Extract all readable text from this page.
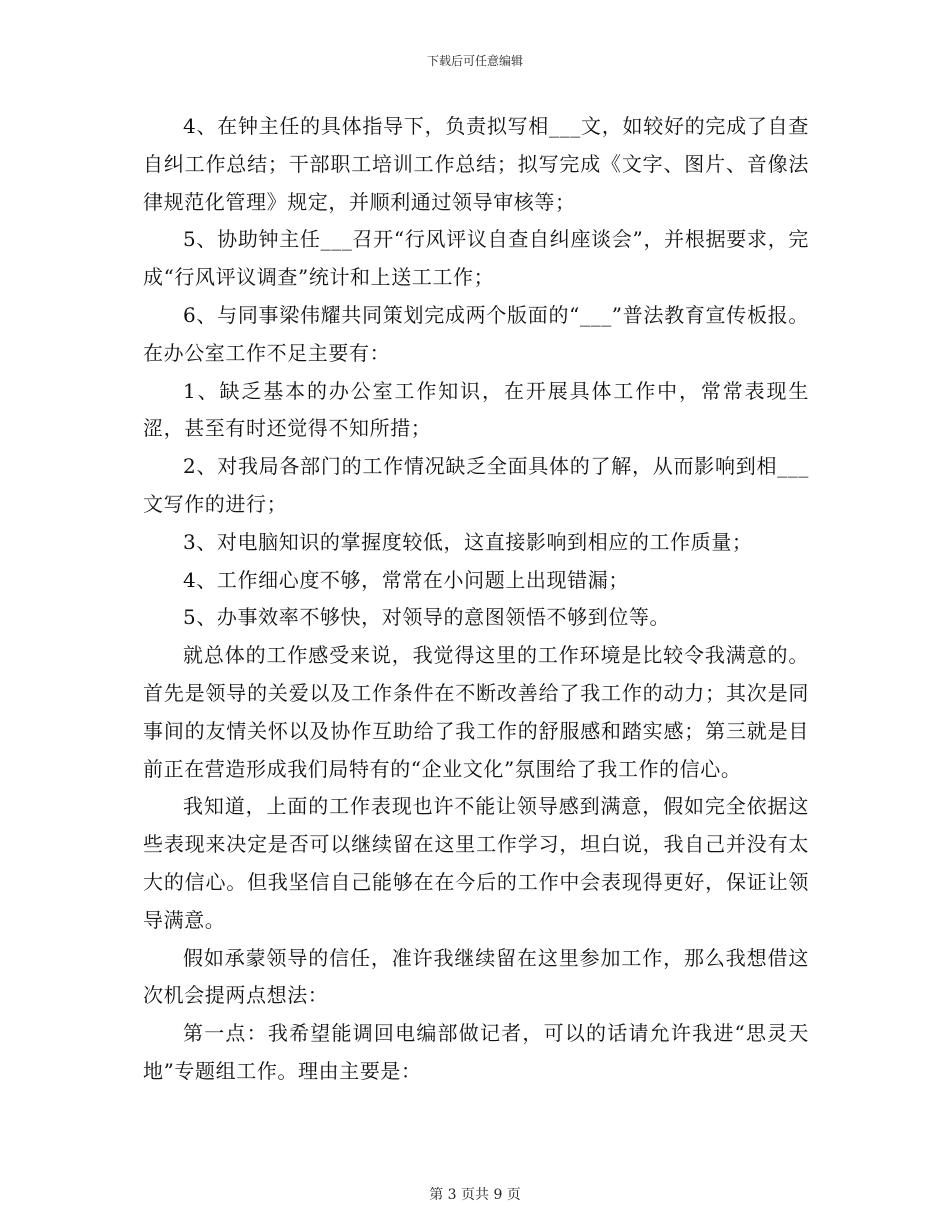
下载后可任意编辑

4、在钟主任的具体指导下，负责拟写相___文，如较好的完成了自查自纠工作总结；干部职工培训工作总结；拟写完成《文字、图片、音像法律规范化管理》规定，并顺利通过领导审核等；

5、协助钟主任___召开“行风评议自查自纠座谈会”，并根据要求，完成“行风评议调查”统计和上送工工作；

6、与同事梁伟耀共同策划完成两个版面的“___”普法教育宣传板报。在办公室工作不足主要有：

1、缺乏基本的办公室工作知识，在开展具体工作中，常常表现生涩，甚至有时还觉得不知所措；

2、对我局各部门的工作情况缺乏全面具体的了解，从而影响到相___文写作的进行；

3、对电脑知识的掌握度较低，这直接影响到相应的工作质量；

4、工作细心度不够，常常在小问题上出现错漏；

5、办事效率不够快，对领导的意图领悟不够到位等。

就总体的工作感受来说，我觉得这里的工作环境是比较令我满意的。首先是领导的关爱以及工作条件在不断改善给了我工作的动力；其次是同事间的友情关怀以及协作互助给了我工作的舒服感和踏实感；第三就是目前正在营造形成我们局特有的“企业文化”氛围给了我工作的信心。

我知道，上面的工作表现也许不能让领导感到满意，假如完全依据这些表现来决定是否可以继续留在这里工作学习，坦白说，我自己并没有太大的信心。但我坚信自己能够在在今后的工作中会表现得更好，保证让领导满意。

假如承蒙领导的信任，准许我继续留在这里参加工作，那么我想借这次机会提两点想法：

第一点：我希望能调回电编部做记者，可以的话请允许我进“思灵天地”专题组工作。理由主要是：

第 3 页共 9 页
